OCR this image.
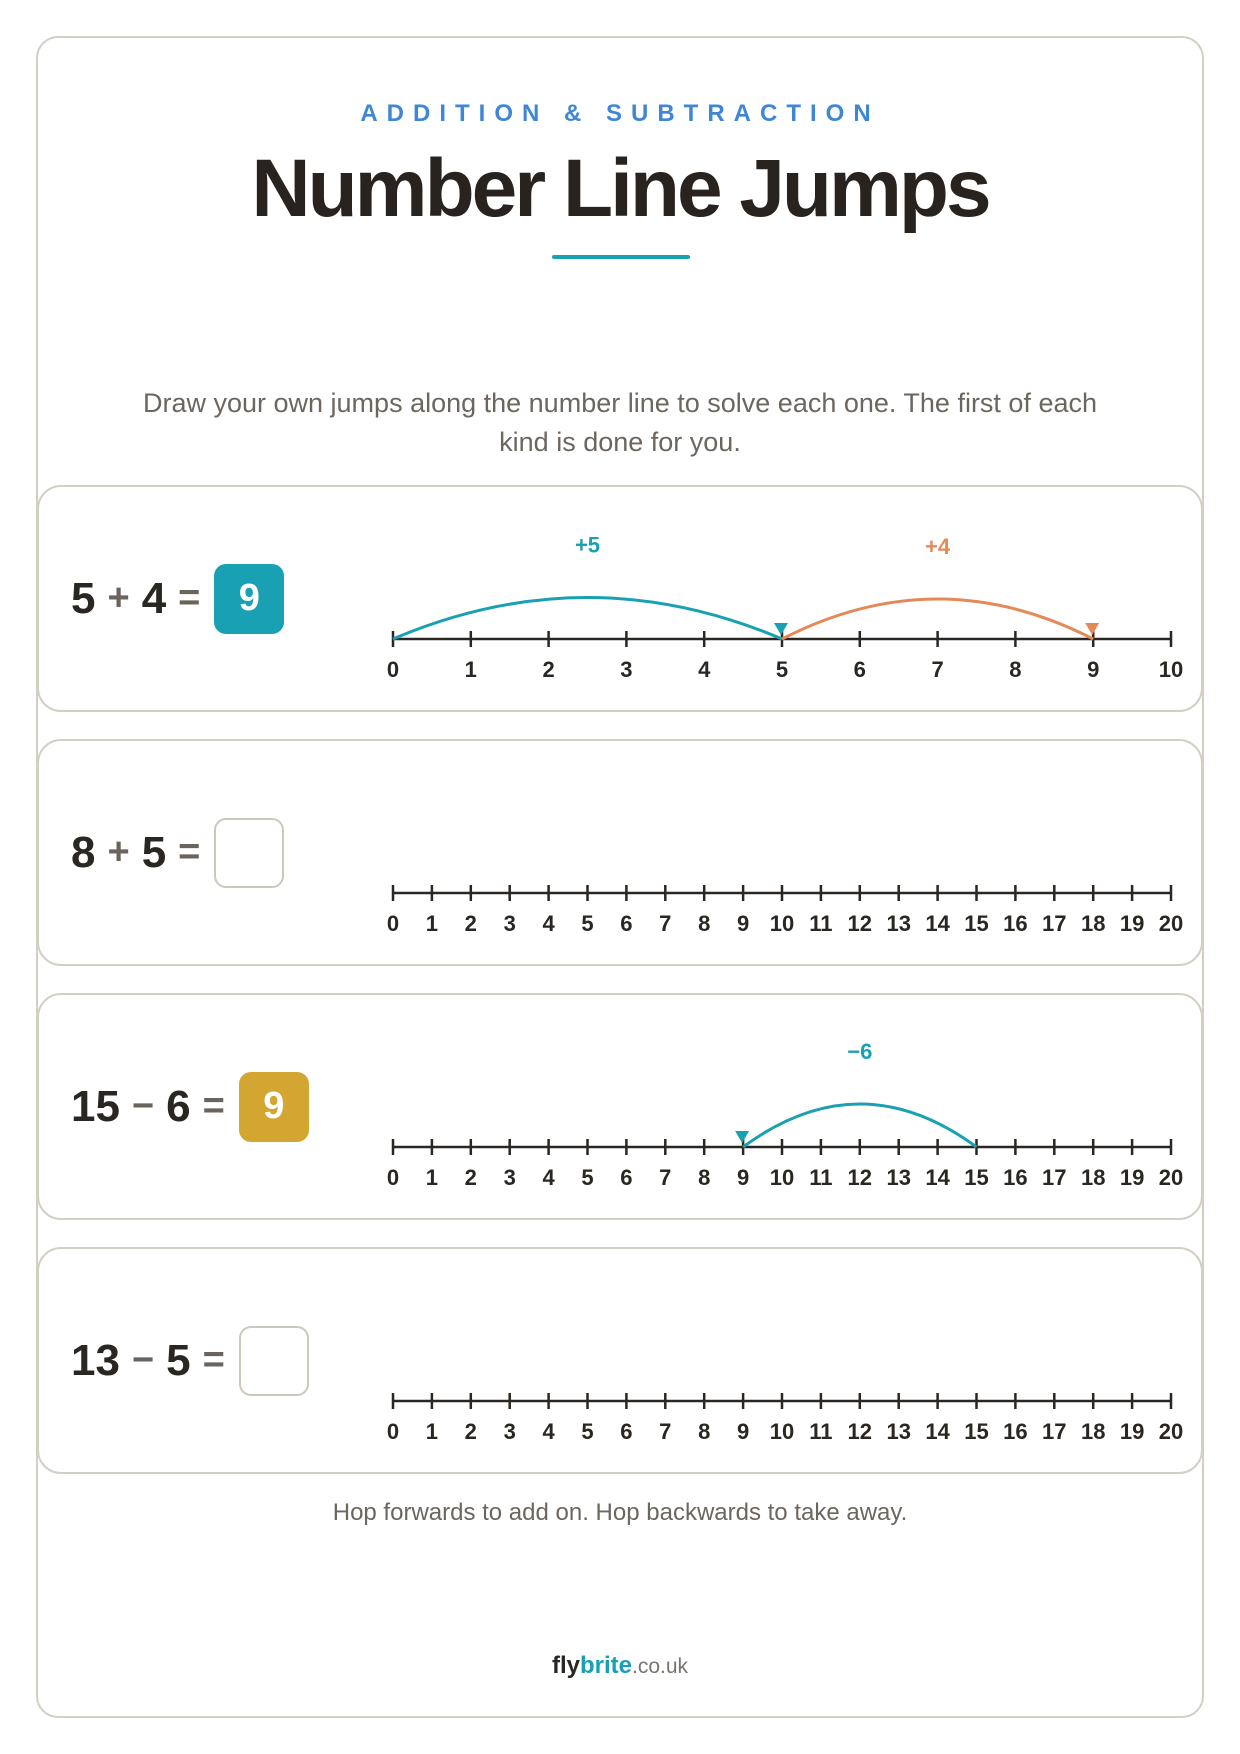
ADDITION & SUBTRACTION
Number Line Jumps
Draw your own jumps along the number line to solve each one. The first of each kind is done for you.
5 + 4 =	9
0	1	2	3	4	5	6	7	8	9	10
+5	+4
8 + 5 =
0 1 2 3 4 5 6 7 8 9 10 11 12 13 14 15 16 17 18 19 20
15 − 6 =	9
0 1 2 3 4 5 6 7 8 9 10 11 12 13 14 15 16 17 18 19 20
−6
13 − 5 =
0 1 2 3 4 5 6 7 8 9 10 11 12 13 14 15 16 17 18 19 20
Hop forwards to add on. Hop backwards to take away.
flybrite.co.uk
